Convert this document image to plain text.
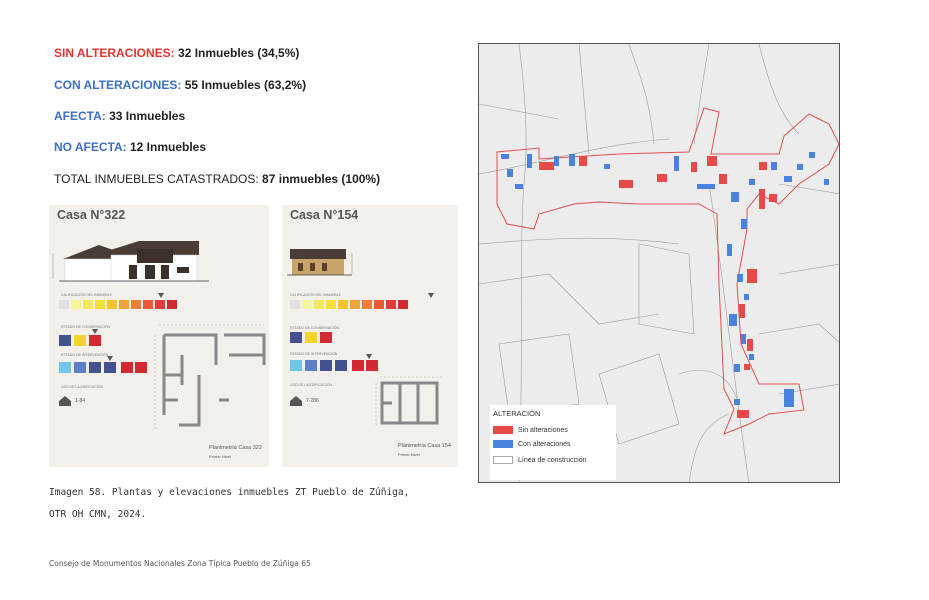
SIN ALTERACIONES: 32 Inmuebles (34,5%)
CON ALTERACIONES: 55 Inmuebles (63,2%)
AFECTA: 33 Inmuebles
NO AFECTA: 12 Inmuebles
TOTAL INMUEBLES CATASTRADOS: 87 inmuebles (100%)
Casa N°322
CALIFICACIÓN DEL INMUEBLE
ESTADO DE CONSERVACIÓN
ESTADO DE INTERVENCIÓN
USO DE LA EDIFICACIÓN
1-84
Planimetría Casa 322
Primer Nivel
Casa N°154
CALIFICACIÓN DEL INMUEBLE
ESTADO DE CONSERVACIÓN
ESTADO DE INTERVENCIÓN
USO DE LA EDIFICACIÓN
7-286
Planimetría Casa 154
Primer Nivel
Imagen 58. Plantas y elevaciones inmuebles ZT Pueblo de Zúñiga,
OTR OH CMN, 2024.
Consejo de Monumentos Nacionales Zona Típica Pueblo de Zúñiga 65
ALTERACIÓN
Sin alteraciones
Con alteraciones
Línea de construcción
